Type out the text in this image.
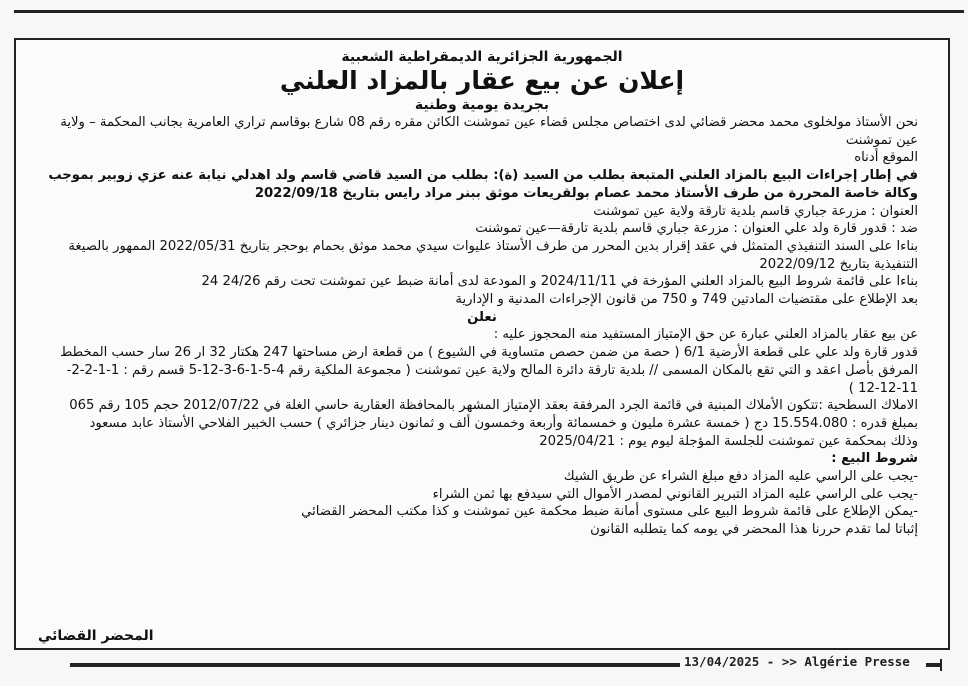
الجمهورية الجزائرية الديمقراطية الشعبية
إعلان عن بيع عقار بالمزاد العلني
بجريدة يومية وطنية

نحن الأستاذ مولخلوى محمد محضر قضائي لدى اختصاص مجلس قضاء عين تموشنت الكائن مقره رقم 08 شارع بوقاسم تراري العامرية بجانب المحكمة – ولاية عين تموشنت

الموقع أدناه

في إطار إجراءات البيع بالمزاد العلني المتبعة بطلب من السيد (ة): بطلب من السيد قاضي قاسم ولد اهدلي نيابة عنه عزي زوبير بموجب وكالة خاصة المحررة من طرف الأستاذ محمد عصام بولقريعات موثق ببنر مراد رايس بتاريخ 2022/09/18

العنوان : مزرعة جباري قاسم بلدية تارقة ولاية عين تموشنت

ضد : قدور قارة ولد علي العنوان : مزرعة جباري قاسم بلدية تارقة—عين تموشنت

بناءا على السند التنفيذي المتمثل في عقد إقرار بدين المحرر من طرف الأستاذ عليوات سيدي محمد موثق بحمام بوحجر بتاريخ 2022/05/31 الممهور بالصيغة التنفيذية بتاريخ 2022/09/12

بناءا على قائمة شروط البيع بالمزاد العلني المؤرخة في 2024/11/11 و المودعة لدى أمانة ضبط عين تموشنت تحت رقم 24/26 24

بعد الإطلاع على مقتضيات المادتين 749 و 750 من قانون الإجراءات المدنية و الإدارية

نعلن

عن بيع عقار بالمزاد العلني عبارة عن حق الإمتياز المستفيد منه المحجوز عليه :

قدور قارة ولد علي على قطعة الأرضية 6/1 ( حصة من ضمن حصص متساوية في الشيوع ) من قطعة ارض مساحتها 247 هكتار 32 ار 26 سار حسب المخطط المرفق بأصل اعقد و التي تقع بالمكان المسمى // بلدية تارقة دائرة المالح ولاية عين تموشنت ( مجموعة الملكية رقم 4-5-1-6-3-12-5 قسم رقم : 1-1-2-2-11-12-12 )

الاملاك السطحية :تتكون الأملاك المبنية في قائمة الجرد المرفقة بعقد الإمتياز المشهر بالمحافظة العقارية حاسي الغلة في 2012/07/22 حجم 105 رقم 065

بمبلغ قدره : 15.554.080 دج ( خمسة عشرة مليون و خمسمائة وأربعة وخمسون ألف و ثمانون دينار جزائري ) حسب الخبير الفلاحي الأستاذ عابد مسعود

وذلك بمحكمة عين تموشنت للجلسة المؤجلة ليوم يوم : 2025/04/21

شروط البيع :

-يجب على الراسي عليه المزاد دفع مبلغ الشراء عن طريق الشيك

-يجب على الراسي عليه المزاد التبرير القانوني لمصدر الأموال التي سيدفع بها ثمن الشراء

-يمكن الإطلاع على قائمة شروط البيع على مستوى أمانة ضبط محكمة عين تموشنت و كذا مكتب المحضر القضائي

إثباتا لما تقدم حررنا هذا المحضر في يومه كما يتطلبه القانون

المحضر القضائي
13/04/2025 - >> Algérie Presse
